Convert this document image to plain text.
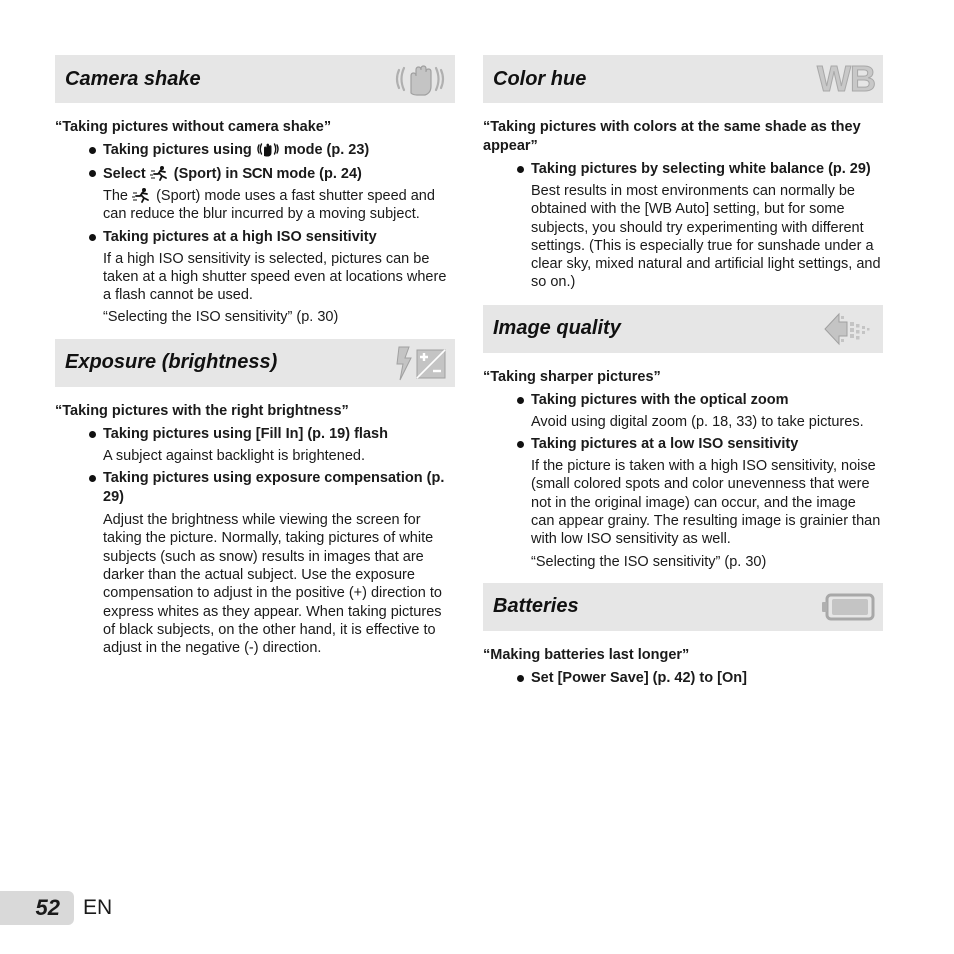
Camera shake

“Taking pictures without camera shake”

Taking pictures using mode (p. 23)

Select (Sport) in SCN mode (p. 24)

The (Sport) mode uses a fast shutter speed and can reduce the blur incurred by a moving subject.

Taking pictures at a high ISO sensitivity

If a high ISO sensitivity is selected, pictures can be taken at a high shutter speed even at locations where a flash cannot be used.

“Selecting the ISO sensitivity” (p. 30)

Exposure (brightness)

“Taking pictures with the right brightness”

Taking pictures using [Fill In] (p. 19) flash

A subject against backlight is brightened.

Taking pictures using exposure compensation (p. 29)

Adjust the brightness while viewing the screen for taking the picture. Normally, taking pictures of white subjects (such as snow) results in images that are darker than the actual subject. Use the exposure compensation to adjust in the positive (+) direction to express whites as they appear. When taking pictures of black subjects, on the other hand, it is effective to adjust in the negative (-) direction.

Color hue	WB

“Taking pictures with colors at the same shade as they appear”

Taking pictures by selecting white balance (p. 29)

Best results in most environments can normally be obtained with the [WB Auto] setting, but for some subjects, you should try experimenting with different settings. (This is especially true for sunshade under a clear sky, mixed natural and artificial light settings, and so on.)

Image quality

“Taking sharper pictures”

Taking pictures with the optical zoom

Avoid using digital zoom (p. 18, 33) to take pictures.

Taking pictures at a low ISO sensitivity

If the picture is taken with a high ISO sensitivity, noise (small colored spots and color unevenness that were not in the original image) can occur, and the image can appear grainy. The resulting image is grainier than with low ISO sensitivity as well.

“Selecting the ISO sensitivity” (p. 30)

Batteries

“Making batteries last longer”

Set [Power Save] (p. 42) to [On]

52	EN
